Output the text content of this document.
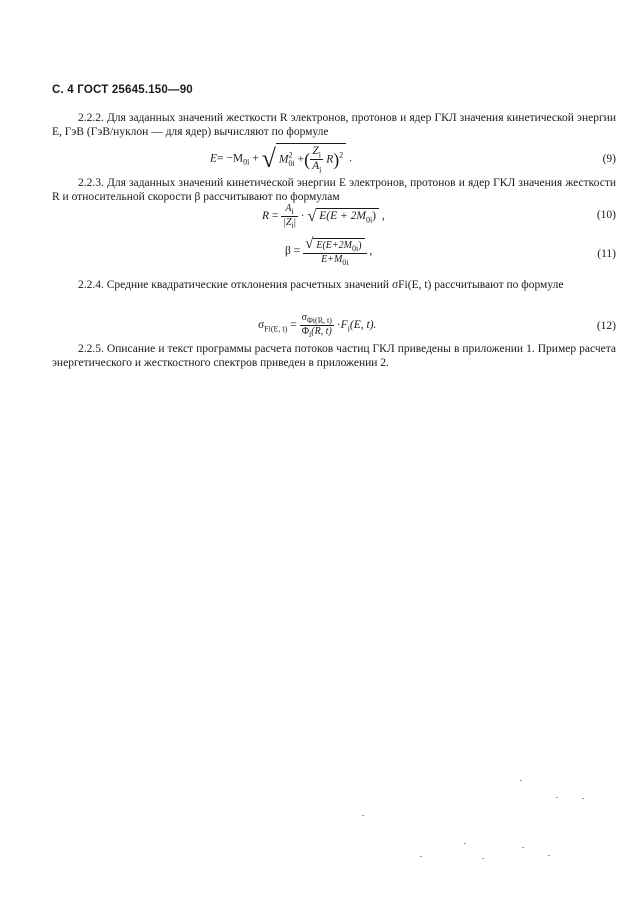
С. 4 ГОСТ 25645.150—90

2.2.2. Для заданных значений жесткости R электронов, протонов и ядер ГКЛ значения кинетической энергии E, ГэВ (ГэВ/нуклон — для ядер) вычисляют по формуле

$E= -M_{0i}$ + √ $M^2_{0i}$ +( $\frac{Z_i}{A_i} R)^2$ .	(9)

2.2.3. Для заданных значений кинетической энергии E электронов, протонов и ядер ГКЛ значения жесткости R и относительной скорости β рассчитывают по формулам

$R = \frac{A_i}{|Z_i|}$ · √ $E(E + 2M_{0i})$ ,	(10)
$\beta = \frac{√ E(E+2M_{0i})}{E+M_{0i}}$ ,	(11)

2.2.4. Средние квадратические отклонения расчетных значений σFi(E, t) рассчитывают по формуле

$\sigma_{Fi(E, t)} = \frac{\sigma_{\Phi i(R, t)}}{\Phi_i(R, t)} \cdot F_i(E$, t).	(12)

2.2.5. Описание и текст программы расчета потоков частиц ГКЛ приведены в приложении 1. Пример расчета энергетического и жесткостного спектров приведен в приложении 2.
